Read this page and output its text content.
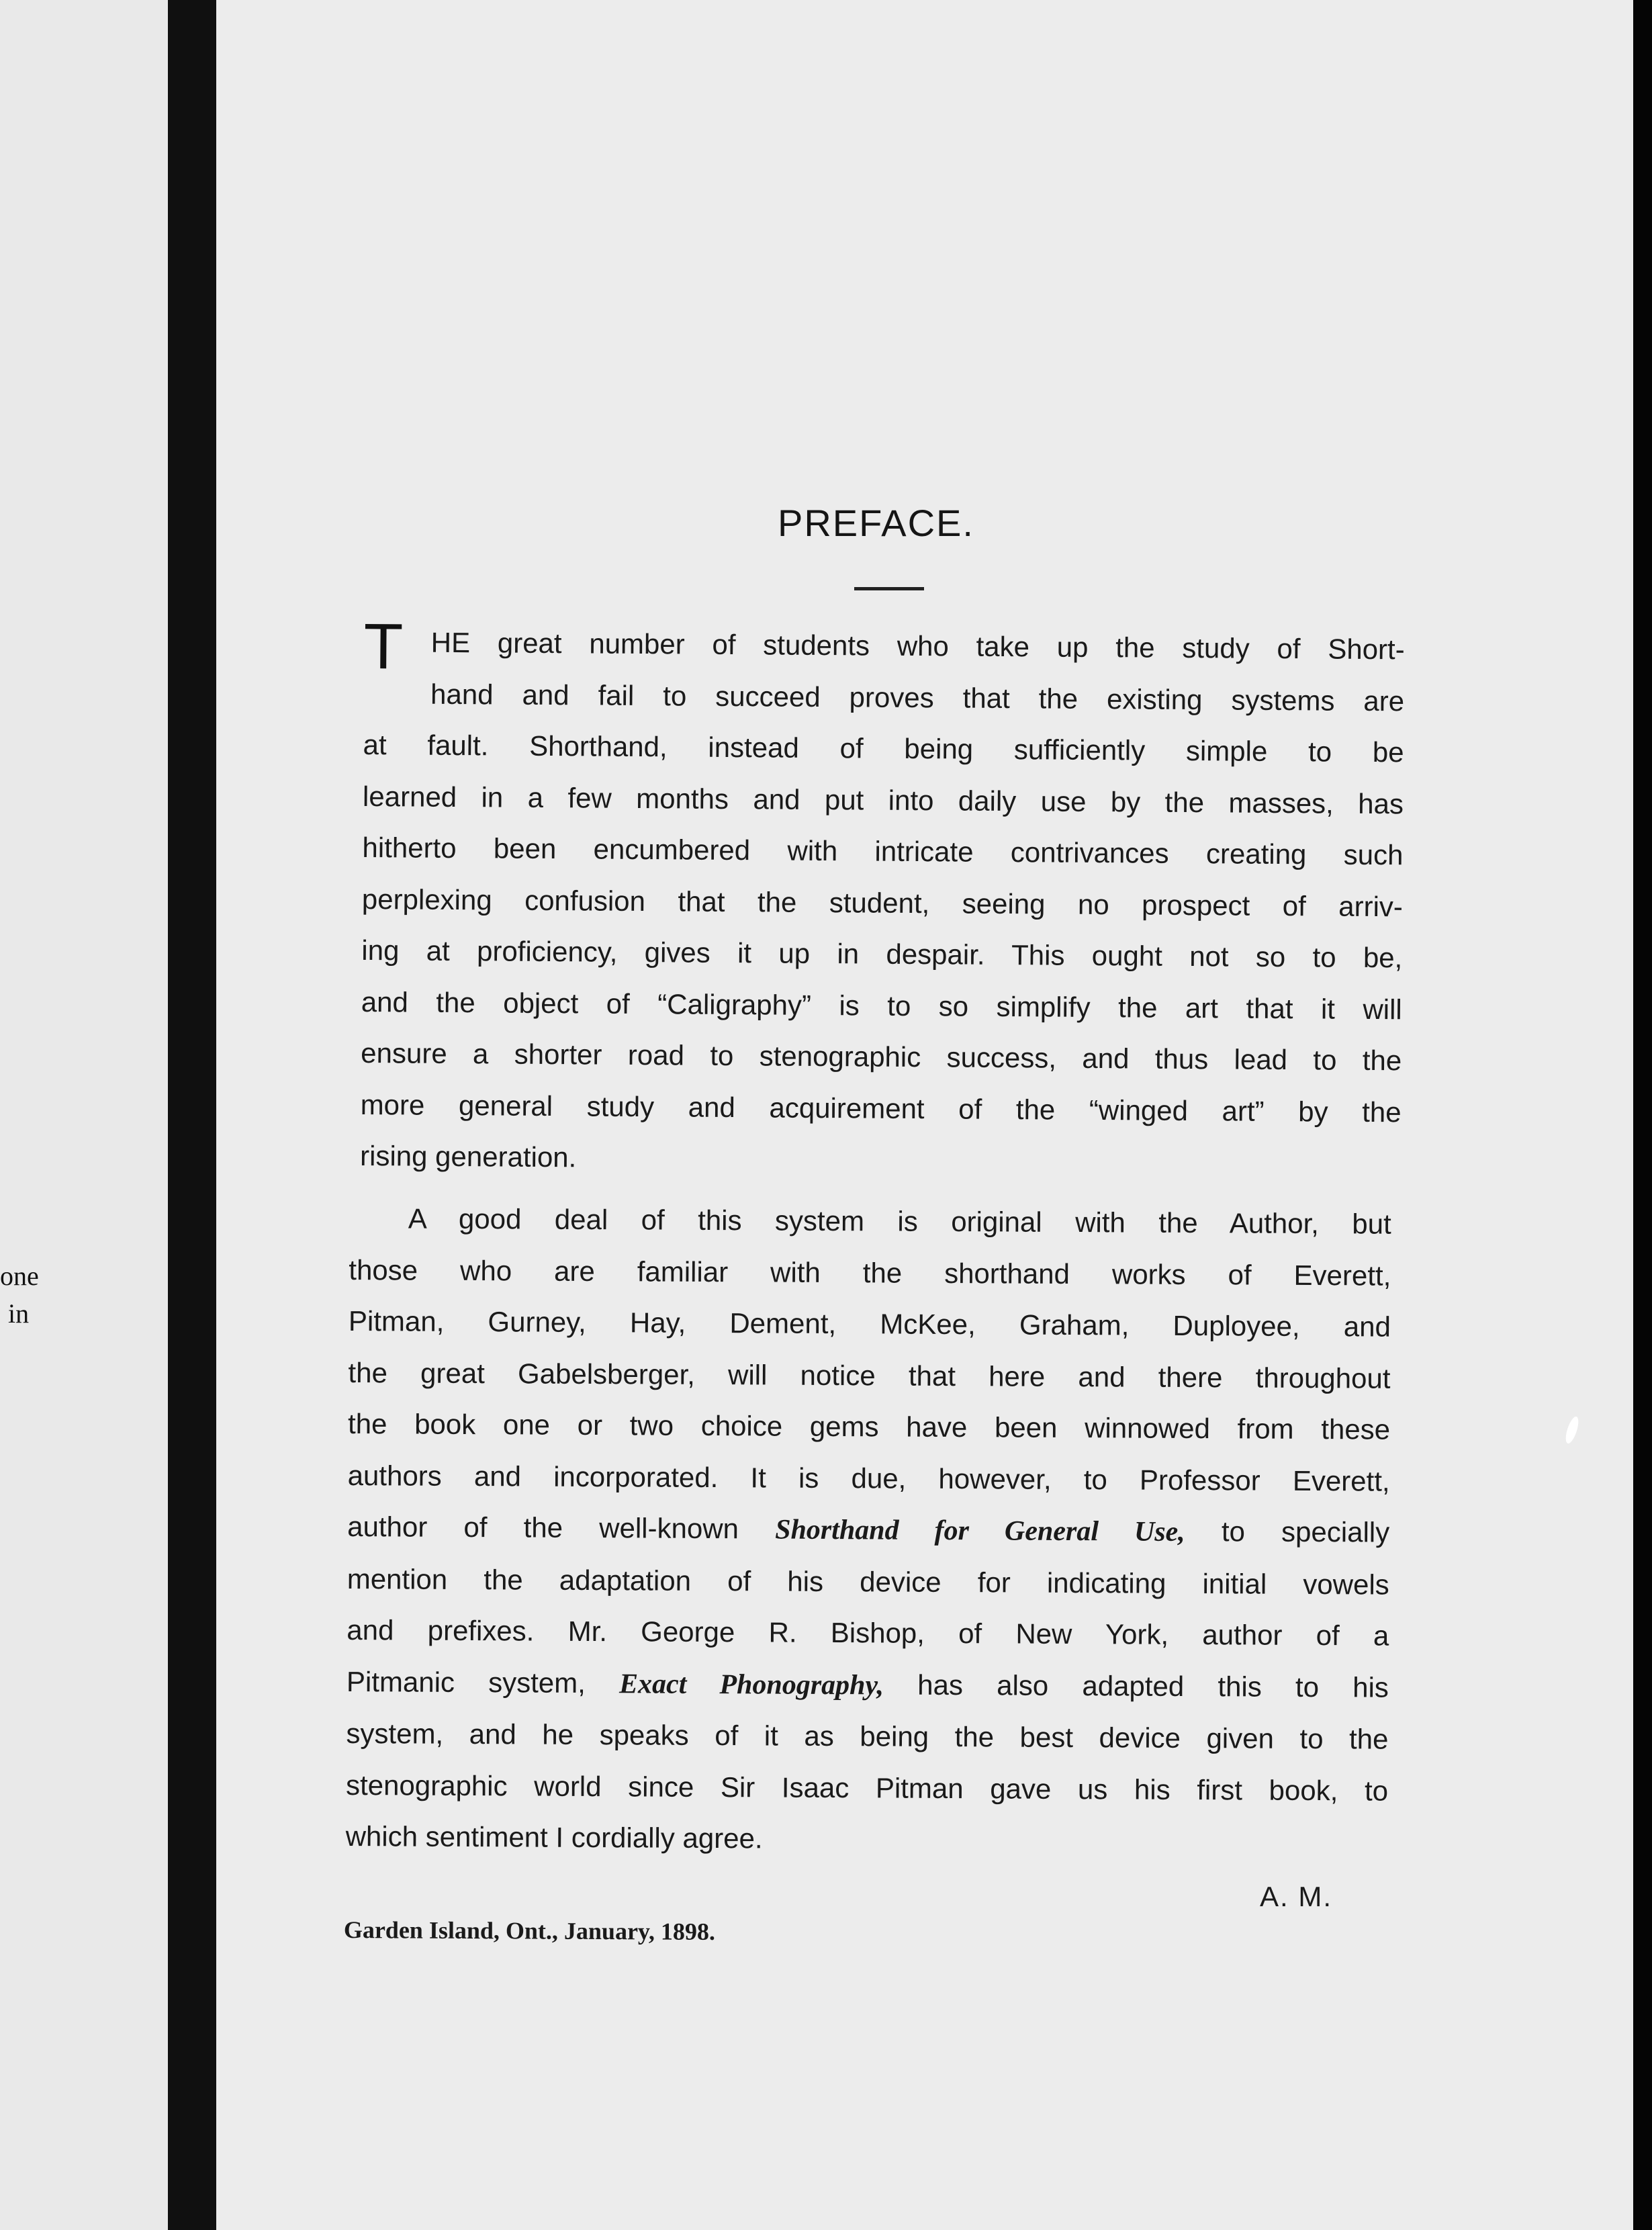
one
in
PREFACE.
T HE great number of students who take up the study of Short-
hand and fail to succeed proves that the existing systems are
at fault. Shorthand, instead of being sufficiently simple to be
learned in a few months and put into daily use by the masses, has
hitherto been encumbered with intricate contrivances creating such
perplexing confusion that the student, seeing no prospect of arriv-
ing at proficiency, gives it up in despair. This ought not so to be,
and the object of “Caligraphy” is to so simplify the art that it will
ensure a shorter road to stenographic success, and thus lead to the
more general study and acquirement of the “winged art” by the
rising generation.
A good deal of this system is original with the Author, but
those who are familiar with the shorthand works of Everett,
Pitman, Gurney, Hay, Dement, McKee, Graham, Duployee, and
the great Gabelsberger, will notice that here and there throughout
the book one or two choice gems have been winnowed from these
authors and incorporated. It is due, however, to Professor Everett,
author of the well-known Shorthand for General Use, to specially
mention the adaptation of his device for indicating initial vowels
and prefixes. Mr. George R. Bishop, of New York, author of a
Pitmanic system, Exact Phonography, has also adapted this to his
system, and he speaks of it as being the best device given to the
stenographic world since Sir Isaac Pitman gave us his first book, to
which sentiment I cordially agree.

A. M.

Garden Island, Ont., January, 1898.
